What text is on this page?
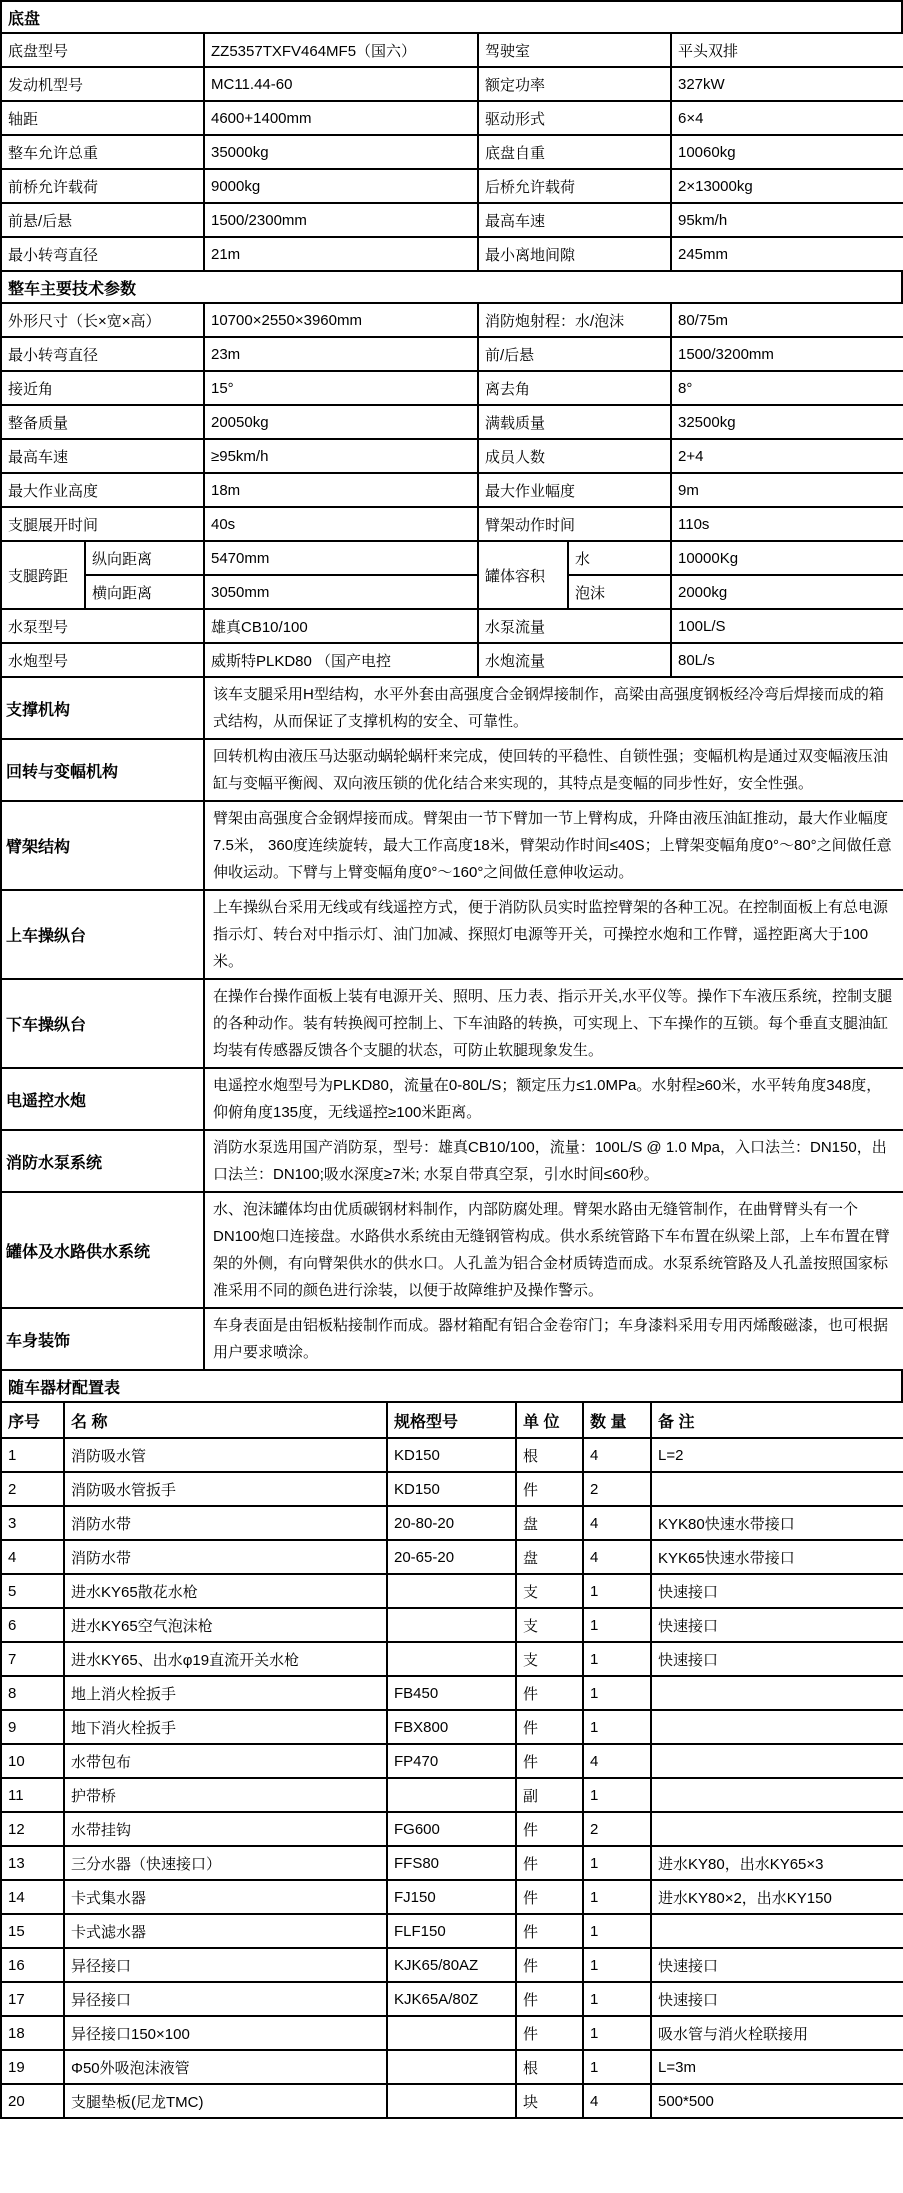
底盘
底盘型号	ZZ5357TXFV464MF5（国六）	驾驶室	平头双排
发动机型号	MC11.44-60	额定功率	327kW
轴距	4600+1400mm	驱动形式	6×4
整车允许总重	35000kg	底盘自重	10060kg
前桥允许载荷	9000kg	后桥允许载荷	2×13000kg
前悬/后悬	1500/2300mm	最高车速	95km/h
最小转弯直径	21m	最小离地间隙	245mm
整车主要技术参数
外形尺寸（长×宽×高）	10700×2550×3960mm	消防炮射程：水/泡沫	80/75m
最小转弯直径	23m	前/后悬	1500/3200mm
接近角	15°	离去角	8°
整备质量	20050kg	满载质量	32500kg
最高车速	≥95km/h	成员人数	2+4
最大作业高度	18m	最大作业幅度	9m
支腿展开时间	40s	臂架动作时间	110s
支腿跨距	纵向距离	5470mm	罐体容积	水	10000Kg
	横向距离	3050mm		泡沫	2000kg
水泵型号	雄真CB10/100	水泵流量	100L/S
水炮型号	威斯特PLKD80 （国产电控	水炮流量	80L/s
支撑机构	该车支腿采用H型结构，水平外套由高强度合金钢焊接制作，高梁由高强度钢板经冷弯后焊接而成的箱式结构，从而保证了支撑机构的安全、可靠性。
回转与变幅机构	回转机构由液压马达驱动蜗轮蜗杆来完成，使回转的平稳性、自锁性强；变幅机构是通过双变幅液压油缸与变幅平衡阀、双向液压锁的优化结合来实现的，其特点是变幅的同步性好，安全性强。
臂架结构	臂架由高强度合金钢焊接而成。臂架由一节下臂加一节上臂构成，升降由液压油缸推动，最大作业幅度7.5米， 360度连续旋转，最大工作高度18米，臂架动作时间≤40S；上臂架变幅角度0°～80°之间做任意伸收运动。下臂与上臂变幅角度0°～160°之间做任意伸收运动。
上车操纵台	上车操纵台采用无线或有线遥控方式，便于消防队员实时监控臂架的各种工况。在控制面板上有总电源指示灯、转台对中指示灯、油门加减、探照灯电源等开关，可操控水炮和工作臂，遥控距离大于100米。
下车操纵台	在操作台操作面板上装有电源开关、照明、压力表、指示开关,水平仪等。操作下车液压系统，控制支腿的各种动作。装有转换阀可控制上、下车油路的转换，可实现上、下车操作的互锁。每个垂直支腿油缸均装有传感器反馈各个支腿的状态，可防止软腿现象发生。
电遥控水炮	电遥控水炮型号为PLKD80，流量在0-80L/S；额定压力≤1.0MPa。水射程≥60米，水平转角度348度，仰俯角度135度，无线遥控≥100米距离。
消防水泵系统	消防水泵选用国产消防泵，型号：雄真CB10/100，流量：100L/S @ 1.0 Mpa，入口法兰：DN150，出口法兰：DN100;吸水深度≥7米; 水泵自带真空泵，引水时间≤60秒。
罐体及水路供水系统	水、泡沫罐体均由优质碳钢材料制作，内部防腐处理。臂架水路由无缝管制作，在曲臂臂头有一个DN100炮口连接盘。水路供水系统由无缝钢管构成。供水系统管路下车布置在纵梁上部，上车布置在臂架的外侧，有向臂架供水的供水口。人孔盖为铝合金材质铸造而成。水泵系统管路及人孔盖按照国家标准采用不同的颜色进行涂装，以便于故障维护及操作警示。
车身装饰	车身表面是由铝板粘接制作而成。器材箱配有铝合金卷帘门；车身漆料采用专用丙烯酸磁漆，也可根据用户要求喷涂。
随车器材配置表
序号	名 称	规格型号	单 位	数 量	备 注
1	消防吸水管	KD150	根	4	L=2
2	消防吸水管扳手	KD150	件	2	
3	消防水带	20-80-20	盘	4	KYK80快速水带接口
4	消防水带	20-65-20	盘	4	KYK65快速水带接口
5	进水KY65散花水枪		支	1	快速接口
6	进水KY65空气泡沫枪		支	1	快速接口
7	进水KY65、出水φ19直流开关水枪		支	1	快速接口
8	地上消火栓扳手	FB450	件	1	
9	地下消火栓扳手	FBX800	件	1	
10	水带包布	FP470	件	4	
11	护带桥		副	1	
12	水带挂钩	FG600	件	2	
13	三分水器（快速接口）	FFS80	件	1	进水KY80，出水KY65×3
14	卡式集水器	FJ150	件	1	进水KY80×2，出水KY150
15	卡式滤水器	FLF150	件	1	
16	异径接口	KJK65/80AZ	件	1	快速接口
17	异径接口	KJK65A/80Z	件	1	快速接口
18	异径接口150×100		件	1	吸水管与消火栓联接用
19	Φ50外吸泡沫液管		根	1	L=3m
20	支腿垫板(尼龙TMC)		块	4	500*500
